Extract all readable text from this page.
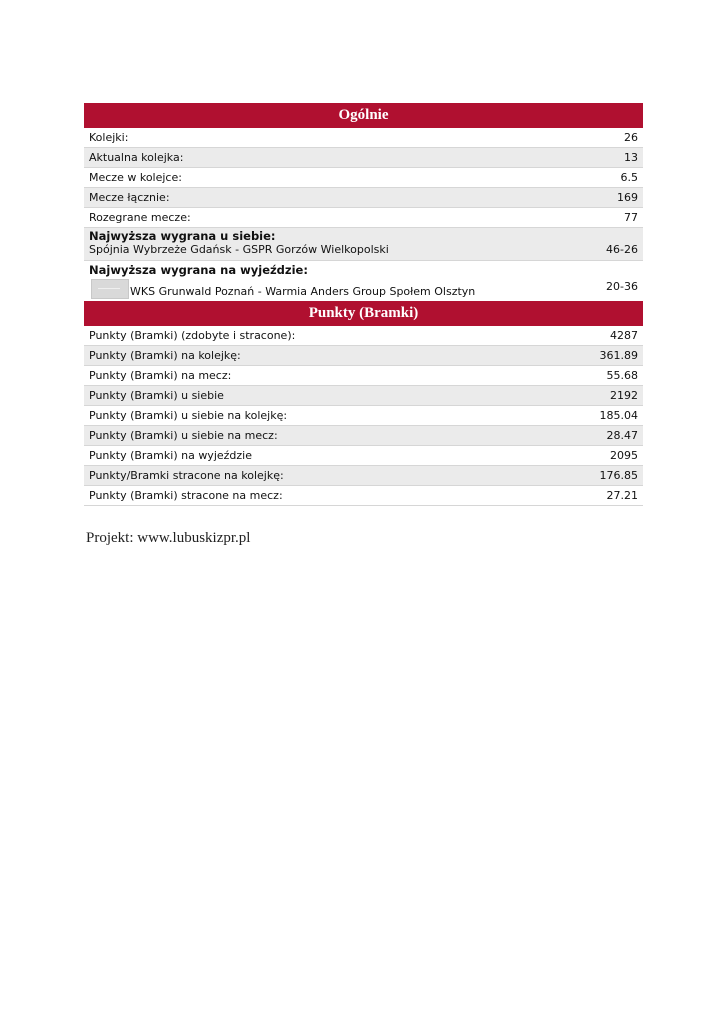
Ogólnie
Kolejki:	26
Aktualna kolejka:	13
Mecze w kolejce:	6.5
Mecze łącznie:	169
Rozegrane mecze:	77
Najwyższa wygrana u siebie:
Spójnia Wybrzeże Gdańsk - GSPR Gorzów Wielkopolski	46-26
Najwyższa wygrana na wyjeździe:
WKS Grunwald Poznań - Warmia Anders Group Społem Olsztyn	20-36
Punkty (Bramki)
Punkty (Bramki) (zdobyte i stracone):	4287
Punkty (Bramki) na kolejkę:	361.89
Punkty (Bramki) na mecz:	55.68
Punkty (Bramki) u siebie	2192
Punkty (Bramki) u siebie na kolejkę:	185.04
Punkty (Bramki) u siebie na mecz:	28.47
Punkty (Bramki) na wyjeździe	2095
Punkty/Bramki stracone na kolejkę:	176.85
Punkty (Bramki) stracone na mecz:	27.21
Projekt: www.lubuskizpr.pl
